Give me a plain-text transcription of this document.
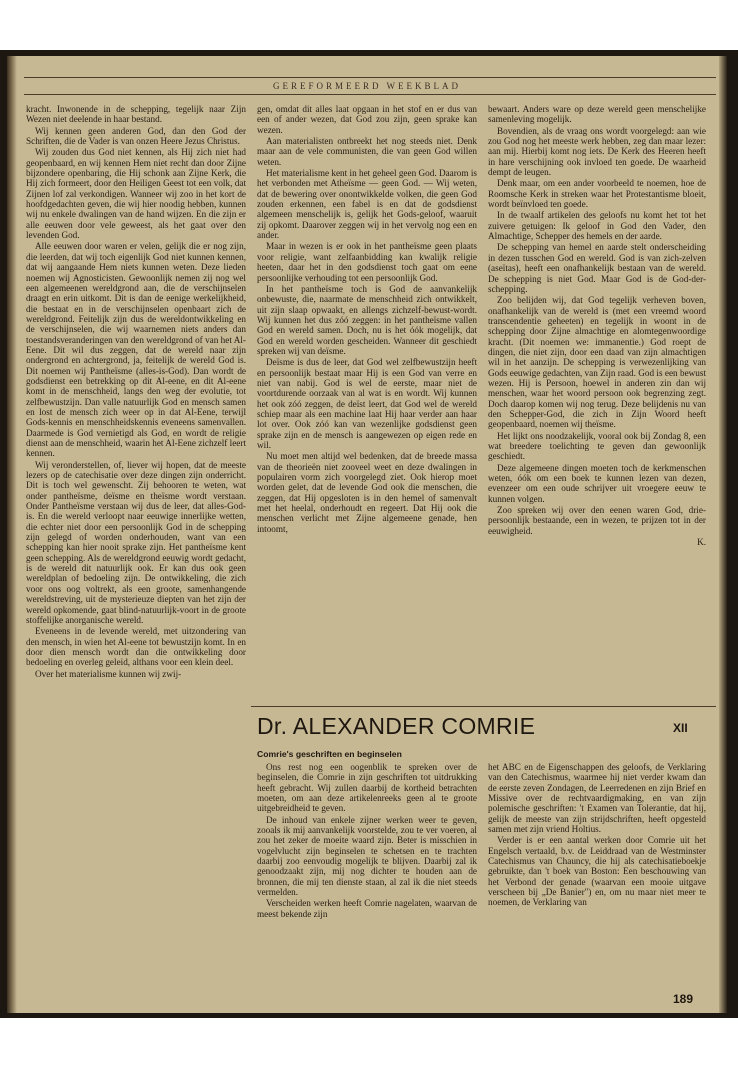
GEREFORMEERD WEEKBLAD

kracht. Inwonende in de schepping, tegelijk naar Zijn Wezen niet deelende in haar bestand.

Wij kennen geen anderen God, dan den God der Schriften, die de Vader is van onzen Heere Jezus Christus.

Wij zouden dus God niet kennen, als Hij zich niet had geopenbaard, en wij kennen Hem niet recht dan door Zijne bijzondere openbaring, die Hij schonk aan Zijne Kerk, die Hij zich formeert, door den Heiligen Geest tot een volk, dat Zijnen lof zal verkondigen. Wanneer wij zoo in het kort de hoofdgedachten geven, die wij hier noodig hebben, kunnen wij nu enkele dwalingen van de hand wijzen. En die zijn er alle eeuwen door vele geweest, als het gaat over den levenden God.

Alle eeuwen door waren er velen, gelijk die er nog zijn, die leerden, dat wij toch eigenlijk God niet kunnen kennen, dat wij aangaande Hem niets kunnen weten. Deze lieden noemen wij Agnosticisten. Gewoonlijk nemen zij nog wel een algemeenen wereldgrond aan, die de verschijnselen draagt en erin uitkomt. Dit is dan de eenige werkelijkheid, die bestaat en in de verschijnselen openbaart zich de wereldgrond. Feitelijk zijn dus de wereldontwikkeling en de verschijnselen, die wij waarnemen niets anders dan toestandsveranderingen van den wereldgrond of van het Al-Eene. Dit wil dus zeggen, dat de wereld naar zijn ondergrond en achtergrond, ja, feitelijk de wereld God is. Dit noemen wij Pantheïsme (alles-is-God). Dan wordt de godsdienst een betrekking op dit Al-eene, en dit Al-eene komt in de menschheid, langs den weg der evolutie, tot zelfbewustzijn. Dan valle natuurlijk God en mensch samen en lost de mensch zich weer op in dat Al-Eene, terwijl Gods-kennis en menschheidskennis eveneens samenvallen. Daarmede is God vernietigd als God, en wordt de religie dienst aan de menschheid, waarin het Al-Eene zichzelf leert kennen.

Wij veronderstellen, of, liever wij hopen, dat de meeste lezers op de catechisatie over deze dingen zijn onderricht. Dit is toch wel gewenscht. Zij behooren te weten, wat onder pantheïsme, deïsme en theïsme wordt verstaan. Onder Pantheïsme verstaan wij dus de leer, dat alles-God-is. En die wereld verloopt naar eeuwige innerlijke wetten, die echter niet door een persoonlijk God in de schepping zijn gelegd of worden onderhouden, want van een schepping kan hier nooit sprake zijn. Het pantheïsme kent geen schepping. Als de wereldgrond eeuwig wordt gedacht, is de wereld dit natuurlijk ook. Er kan dus ook geen wereldplan of bedoeling zijn. De ontwikkeling, die zich voor ons oog voltrekt, als een groote, samenhangende wereldstreving, uit de mysterieuze diepten van het zijn der wereld opkomende, gaat blind-natuurlijk-voort in de groote stoffelijke anorganische wereld.

Eveneens in de levende wereld, met uitzondering van den mensch, in wien het Al-eene tot bewustzijn komt. In en door dien mensch wordt dan die ontwikkeling door bedoeling en overleg geleid, althans voor een klein deel.

Over het materialisme kunnen wij zwij-

gen, omdat dit alles laat opgaan in het stof en er dus van een of ander wezen, dat God zou zijn, geen sprake kan wezen.

Aan materialisten ontbreekt het nog steeds niet. Denk maar aan de vele communisten, die van geen God willen weten.

Het materialisme kent in het geheel geen God. Daarom is het verbonden met Atheïsme — geen God. — Wij weten, dat de bewering over onontwikkelde volken, die geen God zouden erkennen, een fabel is en dat de godsdienst algemeen menschelijk is, gelijk het Gods-geloof, waaruit zij opkomt. Daarover zeggen wij in het vervolg nog een en ander.

Maar in wezen is er ook in het pantheïsme geen plaats voor religie, want zelfaanbidding kan kwalijk religie heeten, daar het in den godsdienst toch gaat om eene persoonlijke verhouding tot een persoonlijk God.

In het pantheïsme toch is God de aanvankelijk onbewuste, die, naarmate de menschheid zich ontwikkelt, uit zijn slaap opwaakt, en allengs zichzelf-bewust-wordt. Wij kunnen het dus zóó zeggen: in het pantheïsme vallen God en wereld samen. Doch, nu is het óók mogelijk, dat God en wereld worden gescheiden. Wanneer dit geschiedt spreken wij van deïsme.

Deïsme is dus de leer, dat God wel zelfbewustzijn heeft en persoonlijk bestaat maar Hij is een God van verre en niet van nabij. God is wel de eerste, maar niet de voortdurende oorzaak van al wat is en wordt. Wij kunnen het ook zóó zeggen, de deïst leert, dat God wel de wereld schiep maar als een machine laat Hij haar verder aan haar lot over. Ook zóó kan van wezenlijke godsdienst geen sprake zijn en de mensch is aangewezen op eigen rede en wil.

Nu moet men altijd wel bedenken, dat de breede massa van de theorieën niet zooveel weet en deze dwalingen in populairen vorm zich voorgelegd ziet. Ook hierop moet worden gelet, dat de levende God ook die menschen, die zeggen, dat Hij opgesloten is in den hemel of samenvalt met het heelal, onderhoudt en regeert. Dat Hij ook die menschen verlicht met Zijne algemeene genade, hen intoomt,

bewaart. Anders ware op deze wereld geen menschelijke samenleving mogelijk.

Bovendien, als de vraag ons wordt voorgelegd: aan wie zou God nog het meeste werk hebben, zeg dan maar lezer: aan mij. Hierbij komt nog iets. De Kerk des Heeren heeft in hare verschijning ook invloed ten goede. De waarheid dempt de leugen.

Denk maar, om een ander voorbeeld te noemen, hoe de Roomsche Kerk in streken waar het Protestantisme bloeit, wordt beïnvloed ten goede.

In de twaalf artikelen des geloofs nu komt het tot het zuivere getuigen: Ik geloof in God den Vader, den Almachtige, Schepper des hemels en der aarde.

De schepping van hemel en aarde stelt onderscheiding in dezen tusschen God en wereld. God is van zich-zelven (aseïtas), heeft een onafhankelijk bestaan van de wereld. De schepping is niet God. Maar God is de God-der-schepping.

Zoo belijden wij, dat God tegelijk verheven boven, onafhankelijk van de wereld is (met een vreemd woord transcendentie geheeten) en tegelijk in woont in de schepping door Zijne almachtige en alomtegenwoordige kracht. (Dit noemen we: immanentie.) God roept de dingen, die niet zijn, door een daad van zijn almachtigen wil in het aanzijn. De schepping is verwezenlijking van Gods eeuwige gedachten, van Zijn raad. God is een bewust wezen. Hij is Persoon, hoewel in anderen zin dan wij menschen, waar het woord persoon ook begrenzing zegt. Doch daarop komen wij nog terug. Deze belijdenis nu van den Schepper-God, die zich in Zijn Woord heeft geopenbaard, noemen wij theïsme.

Het lijkt ons noodzakelijk, vooral ook bij Zondag 8, een wat breedere toelichting te geven dan gewoonlijk geschiedt.

Deze algemeene dingen moeten toch de kerkmenschen weten, óók om een boek te kunnen lezen van dezen, evenzeer om een oude schrijver uit vroegere eeuw te kunnen volgen.

Zoo spreken wij over den eenen waren God, drie-persoonlijk bestaande, een in wezen, te prijzen tot in der eeuwigheid.

K.

Dr. ALEXANDER COMRIE	XII
Comrie's geschriften en beginselen

Ons rest nog een oogenblik te spreken over de beginselen, die Comrie in zijn geschriften tot uitdrukking heeft gebracht. Wij zullen daarbij de kortheid betrachten moeten, om aan deze artikelenreeks geen al te groote uitgebreidheid te geven.

De inhoud van enkele zijner werken weer te geven, zooals ik mij aanvankelijk voorstelde, zou te ver voeren, al zou het zeker de moeite waard zijn. Beter is misschien in vogelvlucht zijn beginselen te schetsen en te trachten daarbij zoo eenvoudig mogelijk te blijven. Daarbij zal ik genoodzaakt zijn, mij nog dichter te houden aan de bronnen, die mij ten dienste staan, al zal ik die niet steeds vermelden.

Verscheiden werken heeft Comrie nagelaten, waarvan de meest bekende zijn

het ABC en de Eigenschappen des geloofs, de Verklaring van den Catechismus, waarmee hij niet verder kwam dan de eerste zeven Zondagen, de Leerredenen en zijn Brief en Missive over de rechtvaardigmaking, en van zijn polemische geschriften: 't Examen van Tolerantie, dat hij, gelijk de meeste van zijn strijdschriften, heeft opgesteld samen met zijn vriend Holtius.

Verder is er een aantal werken door Comrie uit het Engelsch vertaald, b.v. de Leiddraad van de Westminster Catechismus van Chauncy, die hij als catechisatieboekje gebruikte, dan 't boek van Boston: Een beschouwing van het Verbond der genade (waarvan een mooie uitgave verscheen bij „De Banier") en, om nu maar niet meer te noemen, de Verklaring van

189
